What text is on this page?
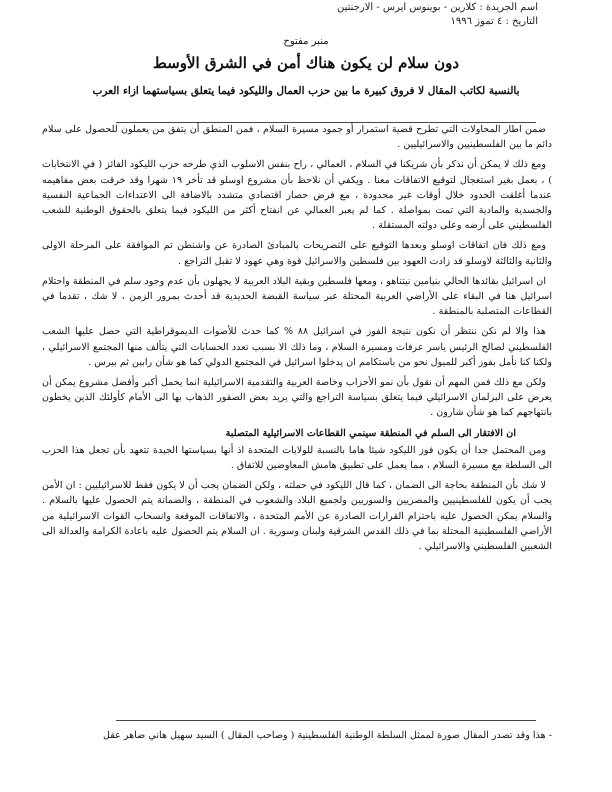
اسم الجريدة : كلارين - بوينوس ايرس - الارجنتين
التاريخ : ٤ تموز ١٩٩٦
منبر مفتوح
دون سلام لن يكون هناك أمن في الشرق الأوسط
بالنسبة لكاتب المقال لا فروق كبيرة ما بين حزب العمال والليكود فيما يتعلق بسياستهما ازاء العرب

ضمن اطار المحاولات التي تطرح قضية استمرار أو جمود مسيرة السلام ، فمن المنطق أن يتفق من يعملون للحصول على سلام دائم ما بين الفلسطينيين والاسرائيليين .

ومع ذلك لا يمكن أن نذكر بأن شريكنا في السلام ، العمالي ، راح بنفس الاسلوب الذي طرحه حزب الليكود الفائز ( في الانتخابات ) ، بعمل بغير استعجال لتوقيع الاتفاقات معنا . ويكفي أن نلاحظ بأن مشروع اوسلو قد تأخر ١٩ شهرا وقد خرقت بعض مفاهيمه عندما أغلقت الحدود خلال أوقات غير محدودة ، مع فرض حصار اقتصادي متشدد بالاضافة الى الاعتداءات الجماعية النفسية والجسدية والمادية التي تمت بمواصلة . كما لم يعبر العمالي عن انفتاح أكثر من الليكود فيما يتعلق بالحقوق الوطنية للشعب الفلسطيني على أرضه وعلى دولته المستقلة .

ومع ذلك فان اتفاقات اوسلو وبعدها التوقيع على التصريحات بالمبادئ الصادرة عن واشنطن تم الموافقة على المرحلة الاولى والثانية والثالثة لاوسلو قد زادت العهود بين فلسطين والاسرائيل قوة وهي عهود لا تقبل التراجع .

ان اسرائيل بقائدها الحالي بنيامين نيتناهو ، ومعها فلسطين وبقية البلاد العربية لا يجهلون بأن عدم وجود سلم في المنطقة واحتلام اسرائيل هنا في البقاء على الأراضي العربية المحتلة عبر سياسة القبضة الحديدية قد أحدث بمرور الزمن ، لا شك ، تقدما في القطاعات المتصلبة بالمنطقة .

هذا والا لم نكن ننتظر أن نكون نتيجة الفوز في اسرائيل ٨٨ % كما حدث للأصوات الديموقراطية التي حصل عليها الشعب الفلسطيني لصالح الرئيس ياسر عرفات ومسيرة السلام ، وما ذلك الا بسبب تعدد الحسابات التي يتألف منها المجتمع الاسرائيلي ، ولكنا كنا نأمل بفوز أكبر للميول نحو من باستكامم ان يدخلوا اسرائيل في المجتمع الدولي كما هو شأن رابين ثم بيرس .

ولكن مع ذلك فمن المهم أن نقول بأن نمو الأحزاب وخاصة العربية والتقدمية الاسرائيلية انما يحمل أكبر وأفضل مشروع يمكن أن يعرض على البرلمان الاسرائيلي فيما يتعلق بسياسة التراجع والتي يريد بعض الصقور الذهاب بها الى الأمام كأولئك الذين يخطون بانتهاجهم كما هو شأن شارون .

ان الافتقار الى السلم في المنطقة سينمي القطاعات الاسرائيلية المتصلبة

ومن المحتمل جدا أن يكون فوز الليكود شيئا هاما بالنسبة للولايات المتحدة اذ أنها بسياستها الجيدة تتعهد بأن تجعل هذا الحزب الى السلطة مع مسيرة السلام ، مما يعمل على تطبيق هامش المعاوضين للاتفاق .

لا شك بأن المنطقة بحاجة الى الضمان ، كما قال الليكود في حملته ، ولكن الضمان يجب أن لا يكون فقط للاسرائيليين : ان الأمن يجب أن يكون للفلسطينيين والمصريين والسوريين ولجميع البلاد والشعوب في المنطقة ، والضمانة يتم الحصول عليها بالسلام . والسلام يمكن الحصول عليه باحترام القرارات الصادرة عن الأمم المتحدة ، والاتفاقات الموقعة وانسحاب القوات الاسرائيلية من الأراضي الفلسطينية المحتلة بما في ذلك القدس الشرقية ولبنان وسورية . ان السلام يتم الحصول عليه باعادة الكرامة والعدالة الى الشعبين الفلسطيني والاسرائيلي .

- هذا وقد تصدر المقال صورة لممثل السلطة الوطنية الفلسطينية ( وصاحب المقال ) السيد سهيل هاني ضاهر عقل
